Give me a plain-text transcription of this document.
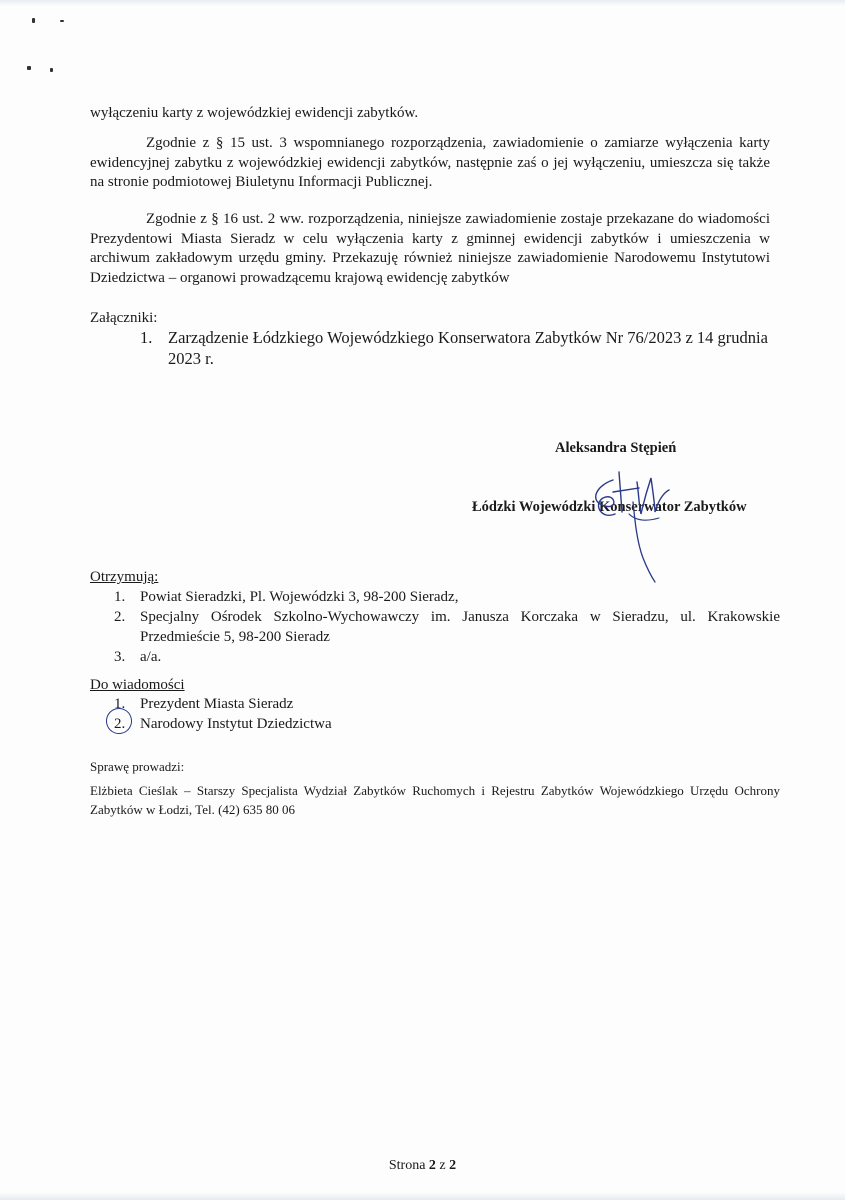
wyłączeniu karty z wojewódzkiej ewidencji zabytków.

Zgodnie z § 15 ust. 3 wspomnianego rozporządzenia, zawiadomienie o zamiarze wyłączenia karty ewidencyjnej zabytku z wojewódzkiej ewidencji zabytków, następnie zaś o jej wyłączeniu, umieszcza się także na stronie podmiotowej Biuletynu Informacji Publicznej.

Zgodnie z § 16 ust. 2 ww. rozporządzenia, niniejsze zawiadomienie zostaje przekazane do wiadomości Prezydentowi Miasta Sieradz w celu wyłączenia karty z gminnej ewidencji zabytków i umieszczenia w archiwum zakładowym urzędu gminy. Przekazuję również niniejsze zawiadomienie Narodowemu Instytutowi Dziedzictwa – organowi prowadzącemu krajową ewidencję zabytków

Załączniki:
1. Zarządzenie Łódzkiego Wojewódzkiego Konserwatora Zabytków Nr 76/2023 z 14 grudnia 2023 r.
Aleksandra Stępień
Łódzki Wojewódzki Konserwator Zabytków
Otrzymują:
1. Powiat Sieradzki, Pl. Wojewódzki 3, 98-200 Sieradz,
2. Specjalny Ośrodek Szkolno-Wychowawczy im. Janusza Korczaka w Sieradzu, ul. Krakowskie Przedmieście 5, 98-200 Sieradz
3. a/a.
Do wiadomości
1. Prezydent Miasta Sieradz
2. Narodowy Instytut Dziedzictwa
Sprawę prowadzi:
Elżbieta Cieślak – Starszy Specjalista Wydział Zabytków Ruchomych i Rejestru Zabytków Wojewódzkiego Urzędu Ochrony Zabytków w Łodzi, Tel. (42) 635 80 06
Strona 2 z 2
